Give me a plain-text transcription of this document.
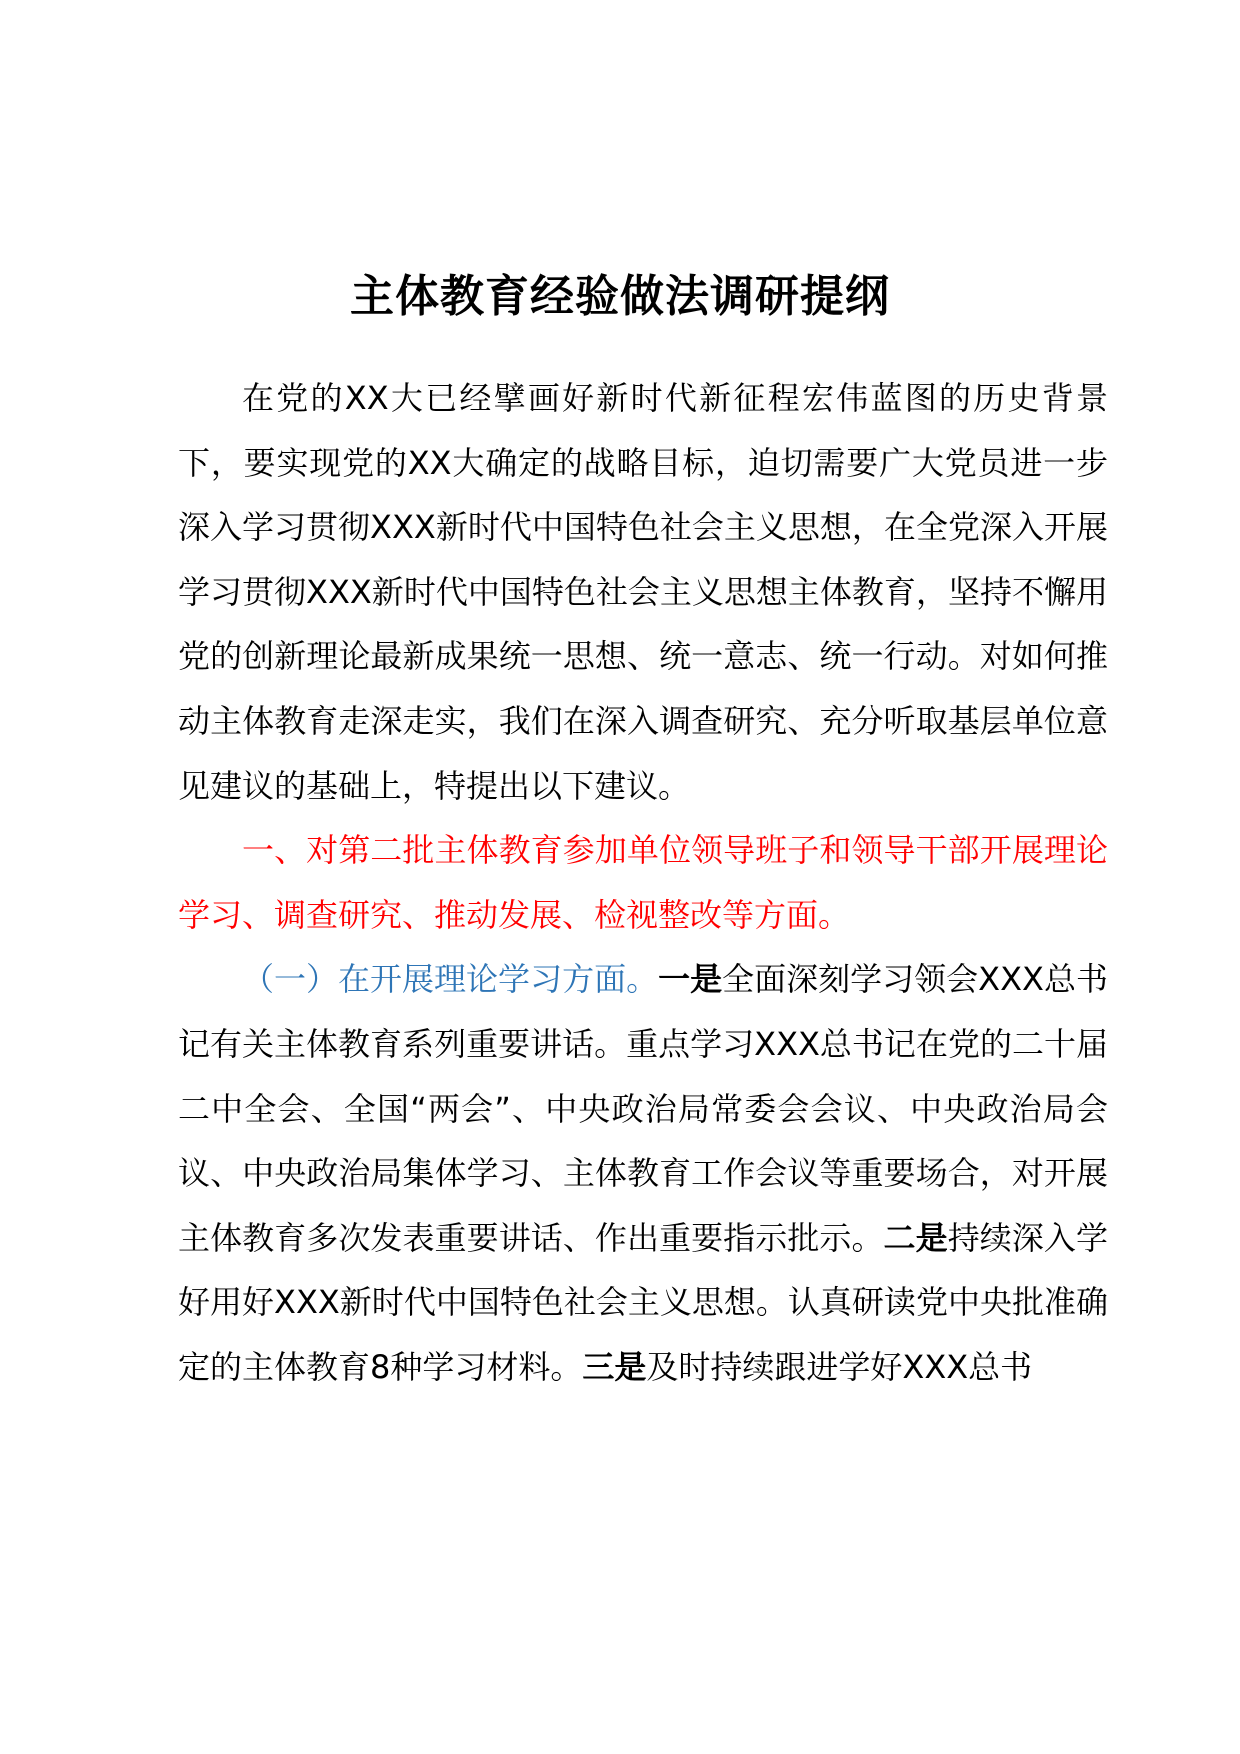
主体教育经验做法调研提纲

在党的XX大已经擘画好新时代新征程宏伟蓝图的历史背景下，要实现党的XX大确定的战略目标，迫切需要广大党员进一步深入学习贯彻XXX新时代中国特色社会主义思想，在全党深入开展学习贯彻XXX新时代中国特色社会主义思想主体教育，坚持不懈用党的创新理论最新成果统一思想、统一意志、统一行动。对如何推动主体教育走深走实，我们在深入调查研究、充分听取基层单位意见建议的基础上，特提出以下建议。

一、对第二批主体教育参加单位领导班子和领导干部开展理论学习、调查研究、推动发展、检视整改等方面。

（一）在开展理论学习方面。一是全面深刻学习领会XXX总书记有关主体教育系列重要讲话。重点学习XXX总书记在党的二十届二中全会、全国“两会”、中央政治局常委会会议、中央政治局会议、中央政治局集体学习、主体教育工作会议等重要场合，对开展主体教育多次发表重要讲话、作出重要指示批示。二是持续深入学好用好XXX新时代中国特色社会主义思想。认真研读党中央批准确定的主体教育8种学习材料。三是及时持续跟进学好XXX总书
